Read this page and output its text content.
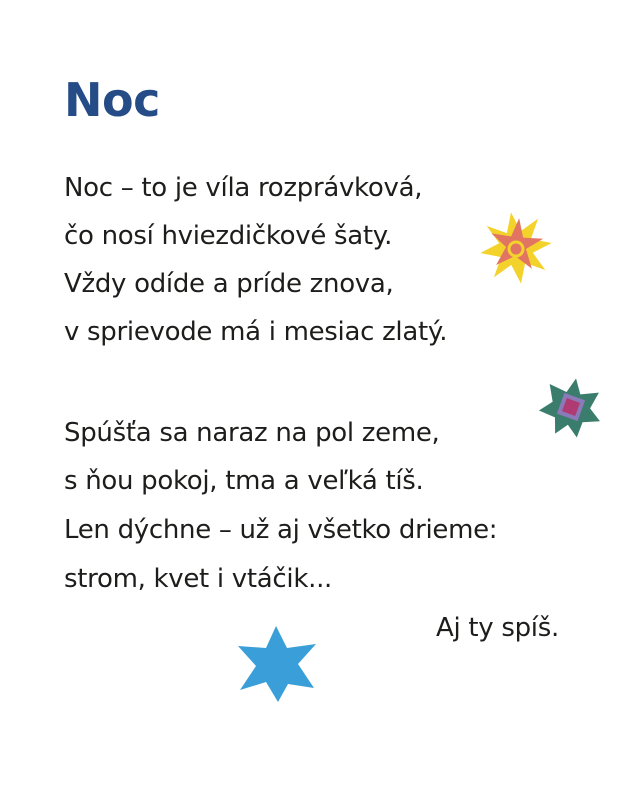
Noc

Noc – to je víla rozprávková,

čo nosí hviezdičkové šaty.

Vždy odíde a príde znova,

v sprievode má i mesiac zlatý.

Spúšťa sa naraz na pol zeme,

s ňou pokoj, tma a veľká tíš.

Len dýchne – už aj všetko drieme:

strom, kvet i vtáčik...

Aj ty spíš.
